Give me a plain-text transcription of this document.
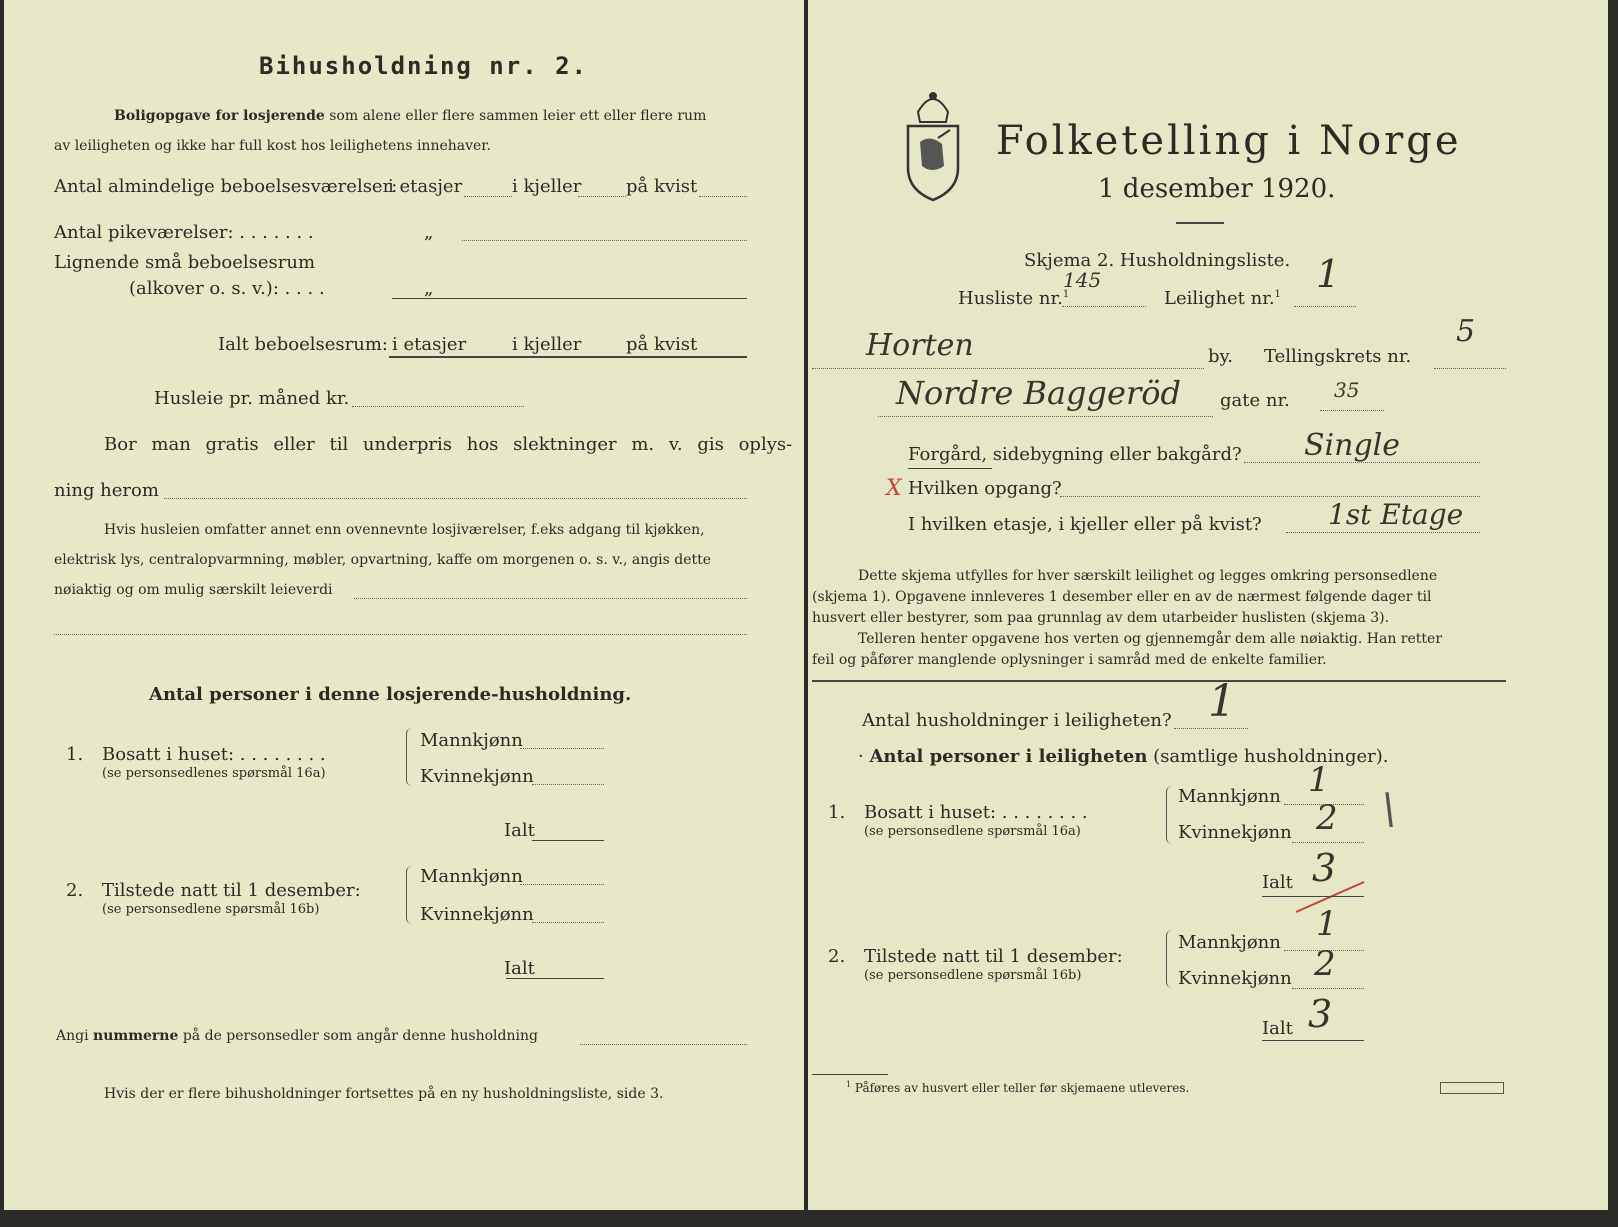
Bihusholdning nr. 2.
Boligopgave for losjerende som alene eller flere sammen leier ett eller flere rum
av leiligheten og ikke har full kost hos leilighetens innehaver.
Antal almindelige beboelsesværelser:
i etasjer	i kjeller på kvist
Antal pikeværelser: . . . . . . .	„
Lignende små beboelsesrum
(alkover o. s. v.): . . . .	„
Ialt beboelsesrum: i etasjer	i kjeller på kvist
Husleie pr. måned kr.
Bor man gratis eller til underpris hos slektninger m. v. gis oplys-
ning herom
Hvis husleien omfatter annet enn ovennevnte losjiværelser, f.eks adgang til kjøkken,
elektrisk lys, centralopvarmning, møbler, opvartning, kaffe om morgenen o. s. v., angis dette
nøiaktig og om mulig særskilt leieverdi
Antal personer i denne losjerende-husholdning.
1. Bosatt i huset: . . . . . . . .
(se personsedlenes spørsmål 16a)
Mannkjønn
Kvinnekjønn
Ialt
2. Tilstede natt til 1 desember:
(se personsedlene spørsmål 16b)
Mannkjønn
Kvinnekjønn
Ialt
Angi nummerne på de personsedler som angår denne husholdning
Hvis der er flere bihusholdninger fortsettes på en ny husholdningsliste, side 3.
Folketelling i Norge
1 desember 1920.
Skjema 2. Husholdningsliste.
Husliste nr.$^1$
145
Leilighet nr.$^1$ 1
Horten	by. Tellingskrets nr.
5
Nordre Baggeröd gate nr. 35
Forgård, sidebygning eller bakgård? Single
X Hvilken opgang?
I hvilken etasje, i kjeller eller på kvist? 1st Etage
Dette skjema utfylles for hver særskilt leilighet og legges omkring personsedlene
(skjema 1). Opgavene innleveres 1 desember eller en av de nærmest følgende dager til
husvert eller bestyrer, som paa grunnlag av dem utarbeider huslisten (skjema 3).
Telleren henter opgavene hos verten og gjennemgår dem alle nøiaktig. Han retter
feil og påfører manglende oplysninger i samråd med de enkelte familier.
Antal husholdninger i leiligheten? 1
· Antal personer i leiligheten (samtlige husholdninger).
1. Bosatt i huset: . . . . . . . .
(se personsedlene spørsmål 16a)
Mannkjønn 1
Kvinnekjønn 2 \
Ialt 3
2. Tilstede natt til 1 desember:
(se personsedlene spørsmål 16b)
Mannkjønn 1
Kvinnekjønn 2
Ialt 3
$^1$ Påføres av husvert eller teller før skjemaene utleveres.
